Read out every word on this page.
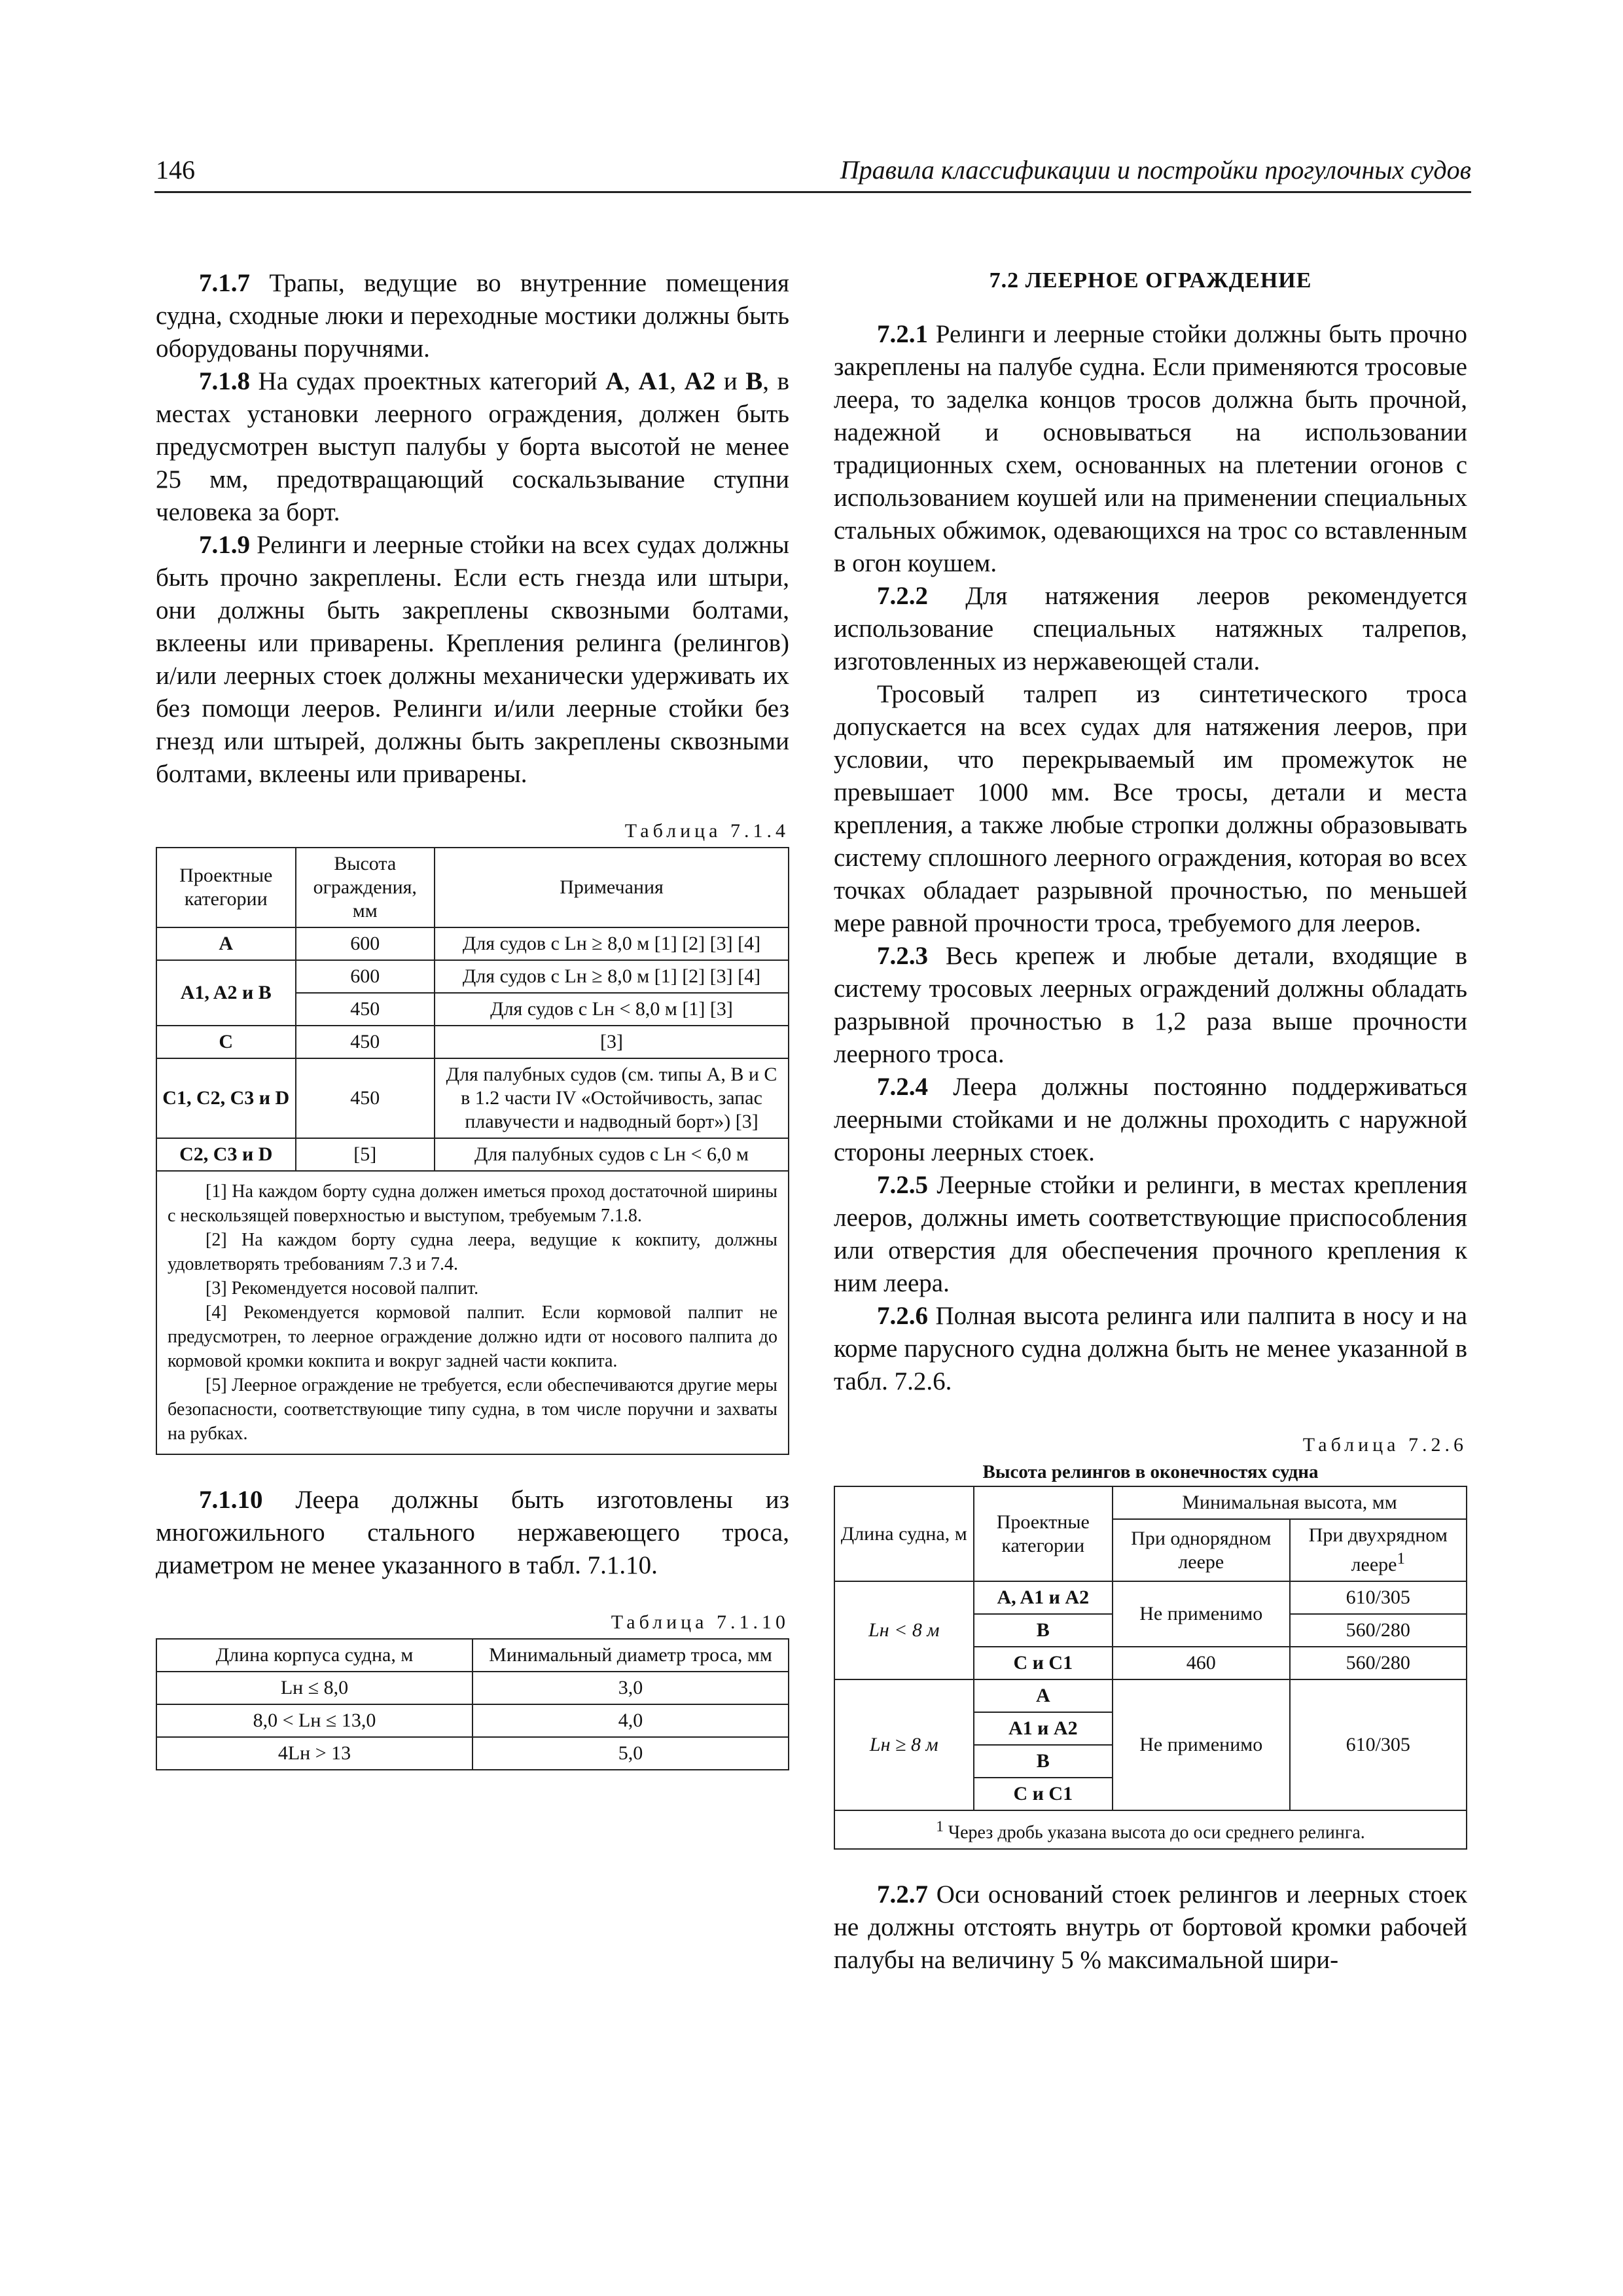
146	Правила классификации и постройки прогулочных судов

7.1.7 Трапы, ведущие во внутренние помещения судна, сходные люки и переходные мостики должны быть оборудованы поручнями.

7.1.8 На судах проектных категорий A, A1, A2 и B, в местах установки леерного ограждения, должен быть предусмотрен выступ палубы у борта высотой не менее 25 мм, предотвращающий соскальзывание ступни человека за борт.

7.1.9 Релинги и леерные стойки на всех судах должны быть прочно закреплены. Если есть гнезда или штыри, они должны быть закреплены сквозными болтами, вклеены или приварены. Крепления релинга (релингов) и/или леерных стоек должны механически удерживать их без помощи лееров. Релинги и/или леерные стойки без гнезд или штырей, должны быть закреплены сквозными болтами, вклеены или приварены.

Таблица 7.1.4
Проектные категории	Высота ограждения, мм	Примечания
A	600	Для судов с Lн ≥ 8,0 м [1] [2] [3] [4]
A1, A2 и B	600	Для судов с Lн ≥ 8,0 м [1] [2] [3] [4]
	450	Для судов с Lн < 8,0 м [1] [3]
C	450	[3]
C1, C2, C3 и D	450	Для палубных судов (см. типы A, B и C в 1.2 части IV «Остойчивость, запас плавучести и надводный борт») [3]
C2, C3 и D	[5]	Для палубных судов с Lн < 6,0 м

[1] На каждом борту судна должен иметься проход достаточной ширины с нескользящей поверхностью и выступом, требуемым 7.1.8.
[2] На каждом борту судна леера, ведущие к кокпиту, должны удовлетворять требованиям 7.3 и 7.4.
[3] Рекомендуется носовой палпит.
[4] Рекомендуется кормовой палпит. Если кормовой палпит не предусмотрен, то леерное ограждение должно идти от носового палпита до кормовой кромки кокпита и вокруг задней части кокпита.
[5] Леерное ограждение не требуется, если обеспечиваются другие меры безопасности, соответствующие типу судна, в том числе поручни и захваты на рубках.		

7.1.10 Леера должны быть изготовлены из многожильного стального нержавеющего троса, диаметром не менее указанного в табл. 7.1.10.

Таблица 7.1.10
Длина корпуса судна, м	Минимальный диаметр троса, мм
Lн ≤ 8,0	3,0
8,0 < Lн ≤ 13,0	4,0
4Lн > 13	5,0
7.2 ЛЕЕРНОЕ ОГРАЖДЕНИЕ

7.2.1 Релинги и леерные стойки должны быть прочно закреплены на палубе судна. Если применяются тросовые леера, то заделка концов тросов должна быть прочной, надежной и основываться на использовании традиционных схем, основанных на плетении огонов с использованием коушей или на применении специальных стальных обжимок, одевающихся на трос со вставленным в огон коушем.

7.2.2 Для натяжения лееров рекомендуется использование специальных натяжных талрепов, изготовленных из нержавеющей стали.

Тросовый талреп из синтетического троса допускается на всех судах для натяжения лееров, при условии, что перекрываемый им промежуток не превышает 1000 мм. Все тросы, детали и места крепления, а также любые стропки должны образовывать систему сплошного леерного ограждения, которая во всех точках обладает разрывной прочностью, по меньшей мере равной прочности троса, требуемого для лееров.

7.2.3 Весь крепеж и любые детали, входящие в систему тросовых леерных ограждений должны обладать разрывной прочностью в 1,2 раза выше прочности леерного троса.

7.2.4 Леера должны постоянно поддерживаться леерными стойками и не должны проходить с наружной стороны леерных стоек.

7.2.5 Леерные стойки и релинги, в местах крепления лееров, должны иметь соответствующие приспособления или отверстия для обеспечения прочного крепления к ним леера.

7.2.6 Полная высота релинга или палпита в носу и на корме парусного судна должна быть не менее указанной в табл. 7.2.6.

Таблица 7.2.6
Высота релингов в оконечностях судна
Длина судна, м	Проектные категории	Минимальная высота, мм	
		При однорядном леере	При двухрядном леере$^1$
Lн < 8 м	A, A1 и A2	Не применимо	610/305
	B		560/280
	C и C1	460	560/280
Lн ≥ 8 м	A	Не применимо	610/305
	A1 и A2		
	B		
	C и C1		
$^1$ Через дробь указана высота до оси среднего релинга.			

7.2.7 Оси оснований стоек релингов и леерных стоек не должны отстоять внутрь от бортовой кромки рабочей палубы на величину 5 % максимальной шири-
